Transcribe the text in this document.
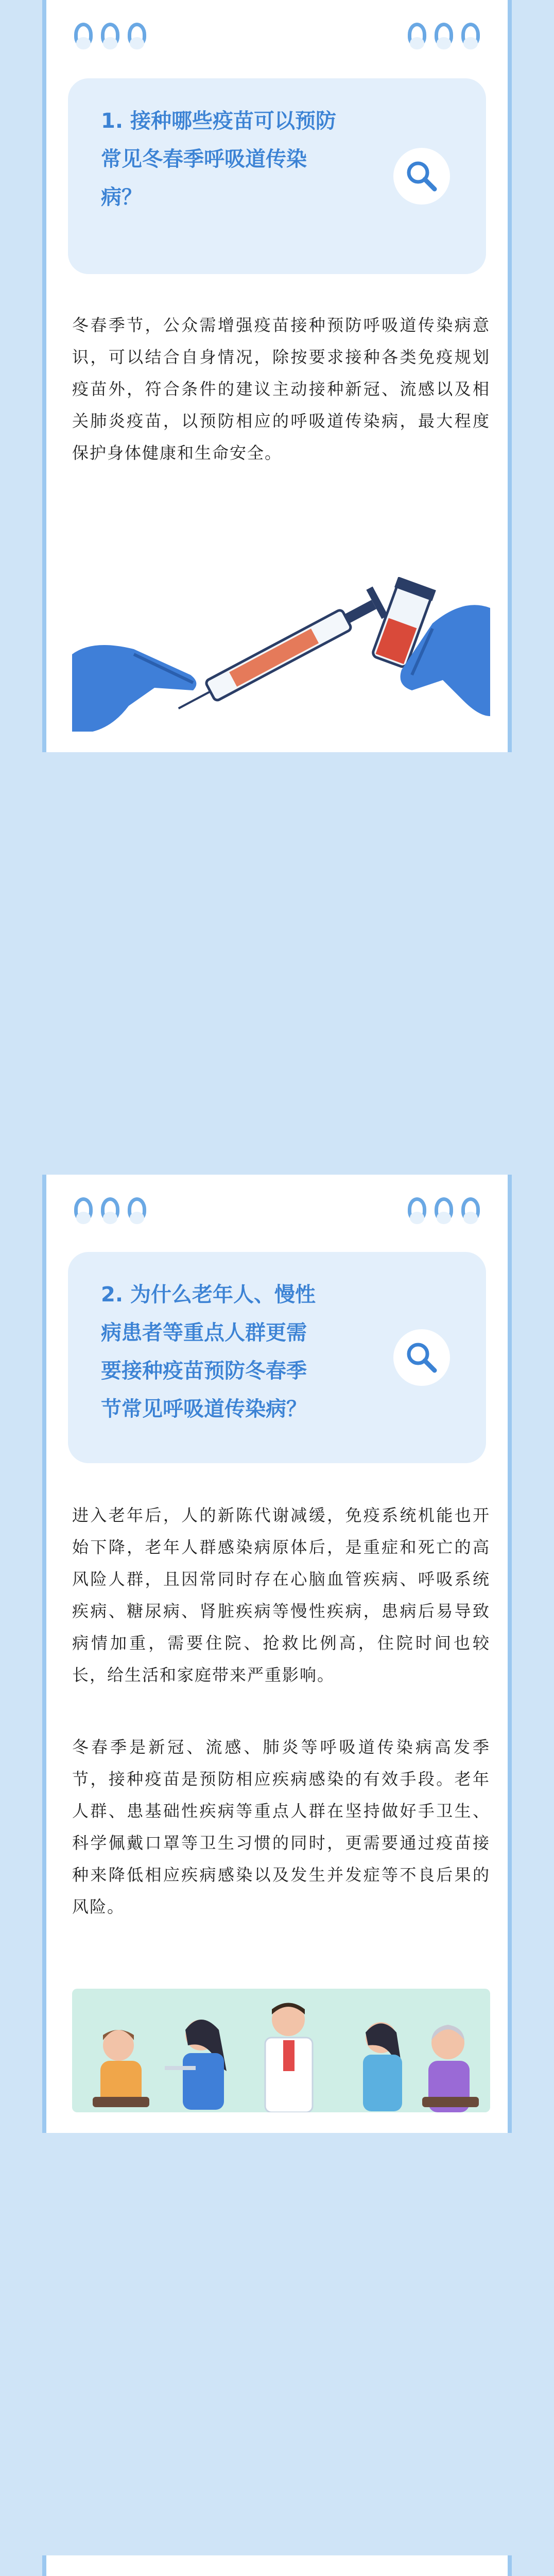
1. 接种哪些疫苗可以预防
常见冬春季呼吸道传染
病？
冬春季节，公众需增强疫苗接种预防呼吸道传染病意识，可以结合自身情况，除按要求接种各类免疫规划疫苗外，符合条件的建议主动接种新冠、流感以及相关肺炎疫苗，以预防相应的呼吸道传染病，最大程度保护身体健康和生命安全。
2. 为什么老年人、慢性
病患者等重点人群更需
要接种疫苗预防冬春季
节常见呼吸道传染病？
进入老年后，人的新陈代谢减缓，免疫系统机能也开始下降，老年人群感染病原体后，是重症和死亡的高风险人群，且因常同时存在心脑血管疾病、呼吸系统疾病、糖尿病、肾脏疾病等慢性疾病，患病后易导致病情加重，需要住院、抢救比例高，住院时间也较长，给生活和家庭带来严重影响。
冬春季是新冠、流感、肺炎等呼吸道传染病高发季节，接种疫苗是预防相应疾病感染的有效手段。老年人群、患基础性疾病等重点人群在坚持做好手卫生、科学佩戴口罩等卫生习惯的同时，更需要通过疫苗接种来降低相应疾病感染以及发生并发症等不良后果的风险。
